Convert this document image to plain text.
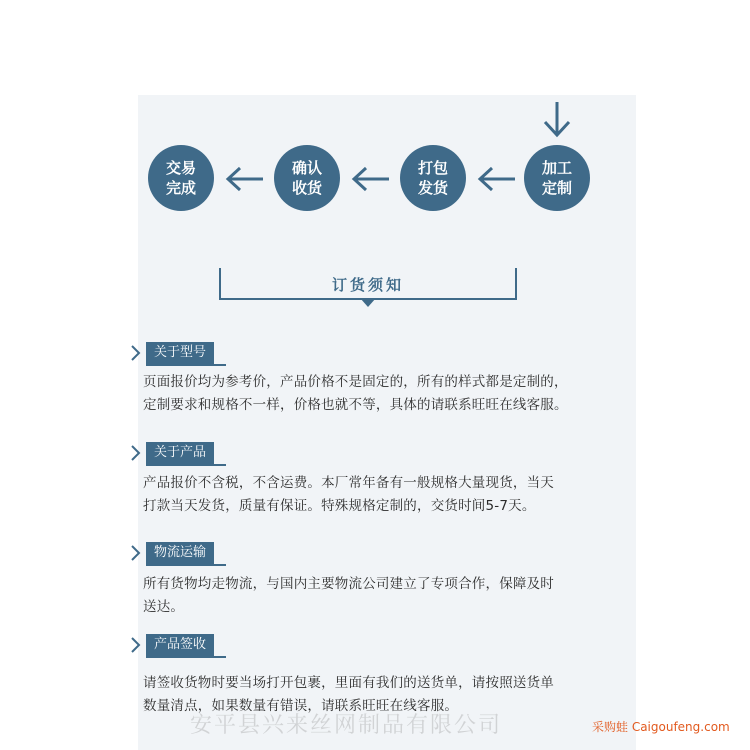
交易
完成
确认
收货
打包
发货
加工
定制
订货须知
关于型号

页面报价均为参考价，产品价格不是固定的，所有的样式都是定制的，
定制要求和规格不一样，价格也就不等，具体的请联系旺旺在线客服。

关于产品

产品报价不含税，不含运费。本厂常年备有一般规格大量现货，当天
打款当天发货，质量有保证。特殊规格定制的，交货时间5-7天。

物流运输

所有货物均走物流，与国内主要物流公司建立了专项合作，保障及时
送达。

产品签收

请签收货物时要当场打开包裹，里面有我们的送货单，请按照送货单
数量清点，如果数量有错误，请联系旺旺在线客服。

安平县兴来丝网制品有限公司	采购蛙 Caigoufeng.com
